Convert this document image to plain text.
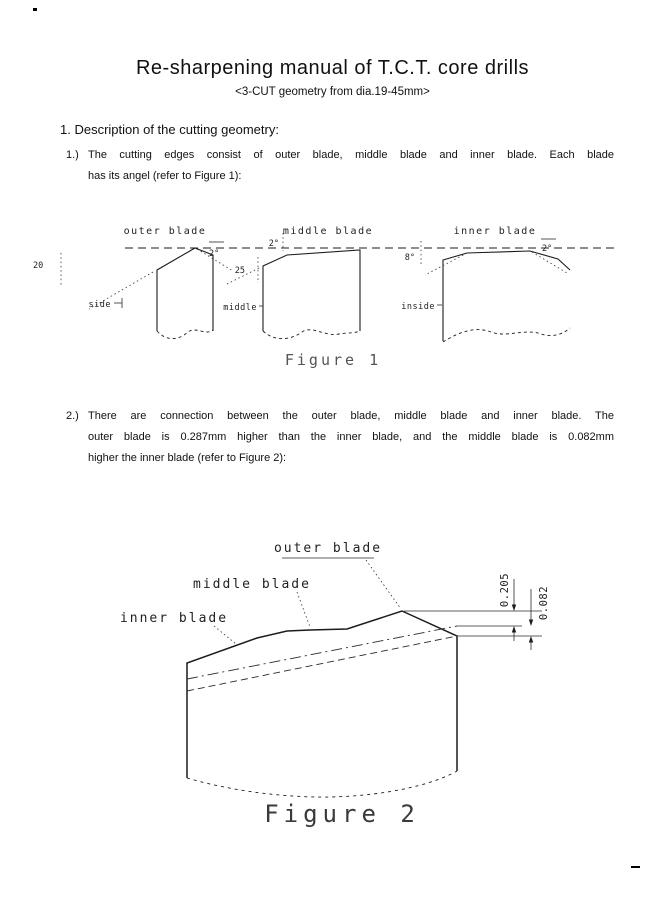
Re-sharpening manual of T.C.T. core drills
<3-CUT geometry from dia.19-45mm>
1. Description of the cutting geometry:
1.) The cutting edges consist of outer blade, middle blade and inner blade. Each blade
has its angel (refer to Figure 1):
outer blade
20
2°
side
middle blade
25
2°
middle
inner blade
8°
2°
inside
Figure 1
2.) There are connection between the outer blade, middle blade and inner blade. The
outer blade is 0.287mm higher than the inner blade, and the middle blade is 0.082mm
higher the inner blade (refer to Figure 2):
outer blade
middle blade
inner blade
0.205	0.082
Figure 2
